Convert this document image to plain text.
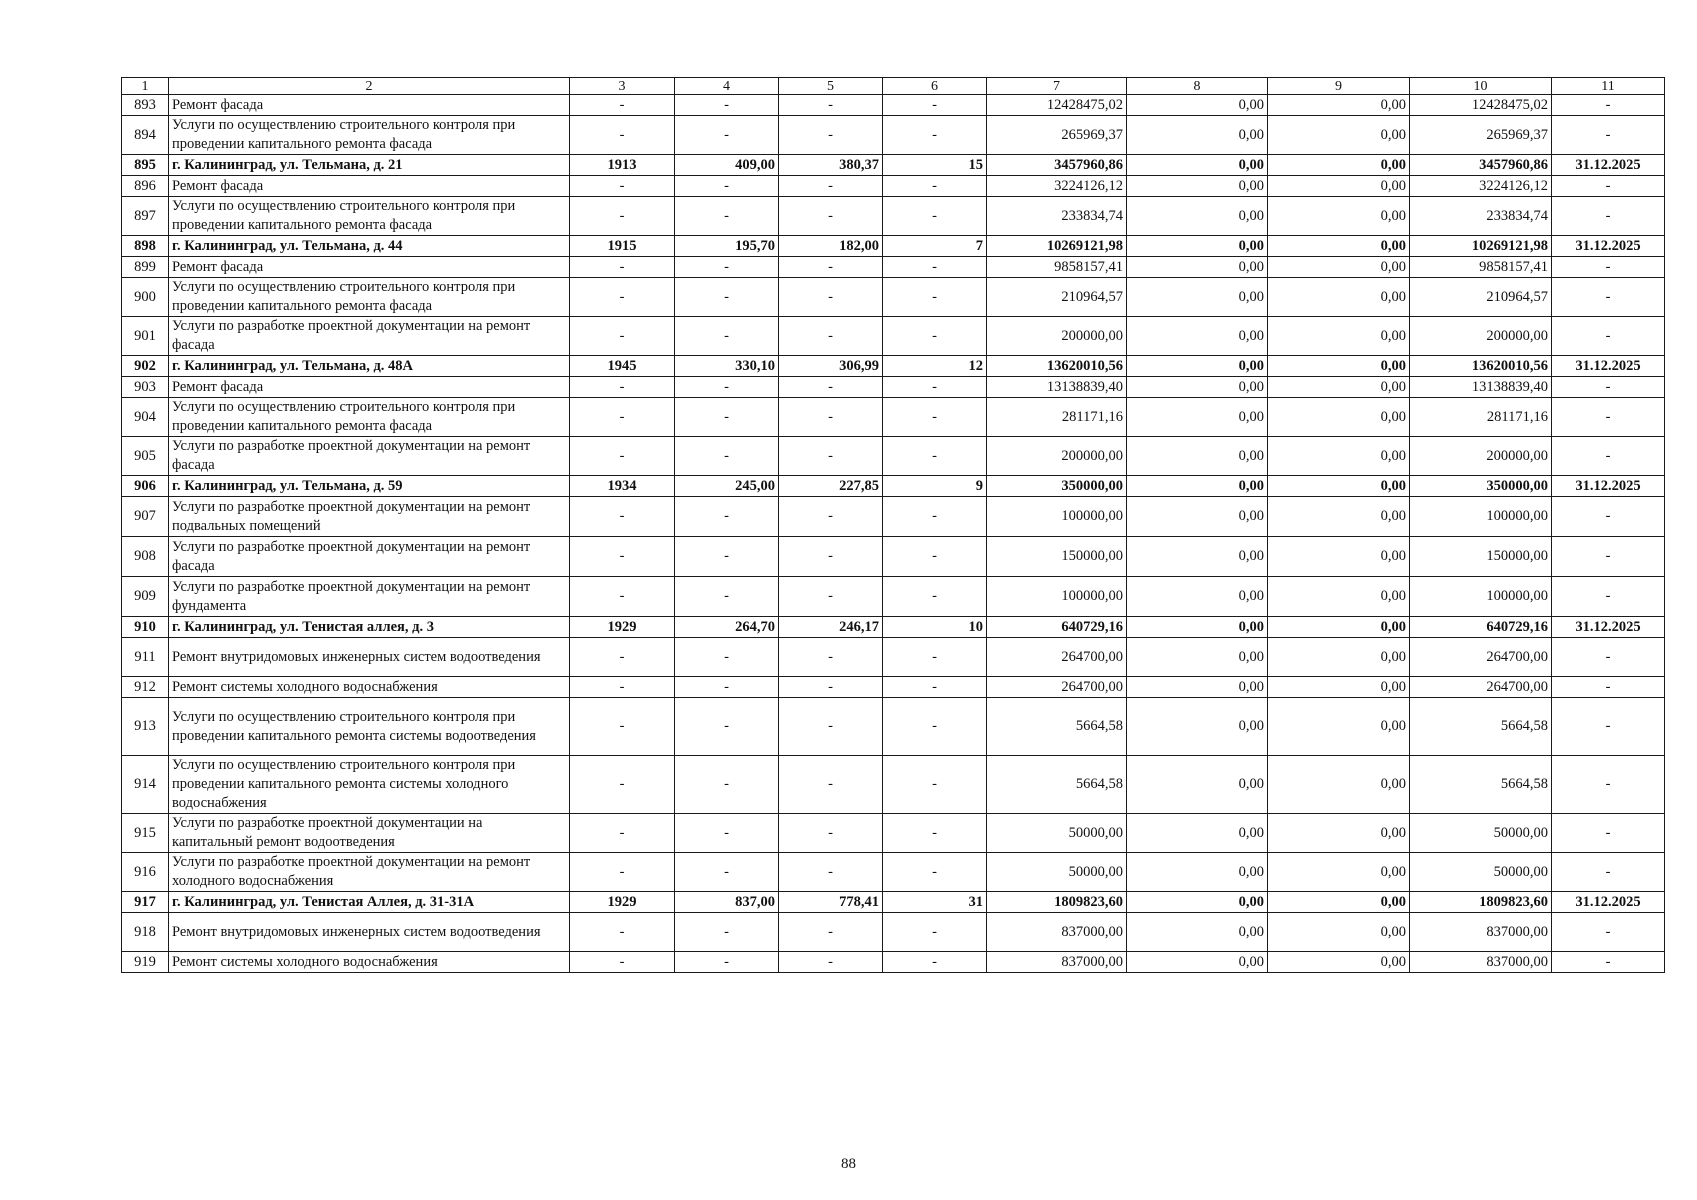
1	2	3	4	5	6	7	8	9	10	11
893	Ремонт фасада	-	-	-	-	12428475,02	0,00	0,00	12428475,02	-
894	Услуги по осуществлению строительного контроля при проведении капитального ремонта фасада	-	-	-	-	265969,37	0,00	0,00	265969,37	-
895	г. Калининград, ул. Тельмана, д. 21	1913	409,00	380,37	15	3457960,86	0,00	0,00	3457960,86	31.12.2025
896	Ремонт фасада	-	-	-	-	3224126,12	0,00	0,00	3224126,12	-
897	Услуги по осуществлению строительного контроля при проведении капитального ремонта фасада	-	-	-	-	233834,74	0,00	0,00	233834,74	-
898	г. Калининград, ул. Тельмана, д. 44	1915	195,70	182,00	7	10269121,98	0,00	0,00	10269121,98	31.12.2025
899	Ремонт фасада	-	-	-	-	9858157,41	0,00	0,00	9858157,41	-
900	Услуги по осуществлению строительного контроля при проведении капитального ремонта фасада	-	-	-	-	210964,57	0,00	0,00	210964,57	-
901	Услуги по разработке проектной документации на ремонт фасада	-	-	-	-	200000,00	0,00	0,00	200000,00	-
902	г. Калининград, ул. Тельмана, д. 48А	1945	330,10	306,99	12	13620010,56	0,00	0,00	13620010,56	31.12.2025
903	Ремонт фасада	-	-	-	-	13138839,40	0,00	0,00	13138839,40	-
904	Услуги по осуществлению строительного контроля при проведении капитального ремонта фасада	-	-	-	-	281171,16	0,00	0,00	281171,16	-
905	Услуги по разработке проектной документации на ремонт фасада	-	-	-	-	200000,00	0,00	0,00	200000,00	-
906	г. Калининград, ул. Тельмана, д. 59	1934	245,00	227,85	9	350000,00	0,00	0,00	350000,00	31.12.2025
907	Услуги по разработке проектной документации на ремонт подвальных помещений	-	-	-	-	100000,00	0,00	0,00	100000,00	-
908	Услуги по разработке проектной документации на ремонт фасада	-	-	-	-	150000,00	0,00	0,00	150000,00	-
909	Услуги по разработке проектной документации на ремонт фундамента	-	-	-	-	100000,00	0,00	0,00	100000,00	-
910	г. Калининград, ул. Тенистая аллея, д. 3	1929	264,70	246,17	10	640729,16	0,00	0,00	640729,16	31.12.2025
911	Ремонт внутридомовых инженерных систем водоотведения	-	-	-	-	264700,00	0,00	0,00	264700,00	-
912	Ремонт системы холодного водоснабжения	-	-	-	-	264700,00	0,00	0,00	264700,00	-
913	Услуги по осуществлению строительного контроля при проведении капитального ремонта системы водоотведения	-	-	-	-	5664,58	0,00	0,00	5664,58	-
914	Услуги по осуществлению строительного контроля при проведении капитального ремонта системы холодного водоснабжения	-	-	-	-	5664,58	0,00	0,00	5664,58	-
915	Услуги по разработке проектной документации на капитальный ремонт водоотведения	-	-	-	-	50000,00	0,00	0,00	50000,00	-
916	Услуги по разработке проектной документации на ремонт холодного водоснабжения	-	-	-	-	50000,00	0,00	0,00	50000,00	-
917	г. Калининград, ул. Тенистая Аллея, д. 31-31А	1929	837,00	778,41	31	1809823,60	0,00	0,00	1809823,60	31.12.2025
918	Ремонт внутридомовых инженерных систем водоотведения	-	-	-	-	837000,00	0,00	0,00	837000,00	-
919	Ремонт системы холодного водоснабжения	-	-	-	-	837000,00	0,00	0,00	837000,00	-
88
